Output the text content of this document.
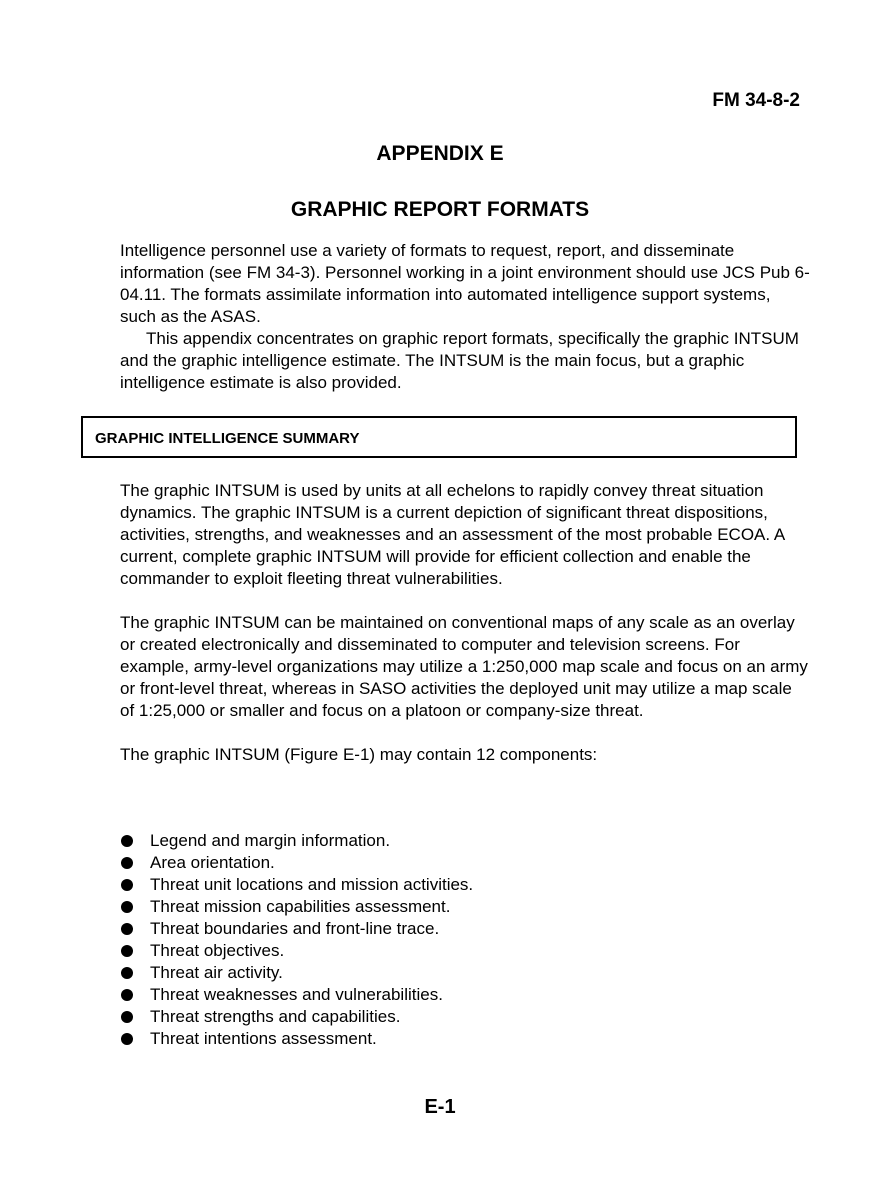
FM 34-8-2
APPENDIX E
GRAPHIC REPORT FORMATS

Intelligence personnel use a variety of formats to request, report, and disseminate information (see FM 34-3). Personnel working in a joint environment should use JCS Pub 6-04.11. The formats assimilate information into automated intelligence support systems, such as the ASAS.

This appendix concentrates on graphic report formats, specifically the graphic INTSUM and the graphic intelligence estimate. The INTSUM is the main focus, but a graphic intelligence estimate is also provided.

GRAPHIC INTELLIGENCE SUMMARY

The graphic INTSUM is used by units at all echelons to rapidly convey threat situation dynamics. The graphic INTSUM is a current depiction of significant threat dispositions, activities, strengths, and weaknesses and an assessment of the most probable ECOA. A current, complete graphic INTSUM will provide for efficient collection and enable the commander to exploit fleeting threat vulnerabilities.

The graphic INTSUM can be maintained on conventional maps of any scale as an overlay or created electronically and disseminated to computer and television screens. For example, army-level organizations may utilize a 1:250,000 map scale and focus on an army or front-level threat, whereas in SASO activities the deployed unit may utilize a map scale of 1:25,000 or smaller and focus on a platoon or company-size threat.

The graphic INTSUM (Figure E-1) may contain 12 components:

Legend and margin information.
Area orientation.
Threat unit locations and mission activities.
Threat mission capabilities assessment.
Threat boundaries and front-line trace.
Threat objectives.
Threat air activity.
Threat weaknesses and vulnerabilities.
Threat strengths and capabilities.
Threat intentions assessment.
E-1
